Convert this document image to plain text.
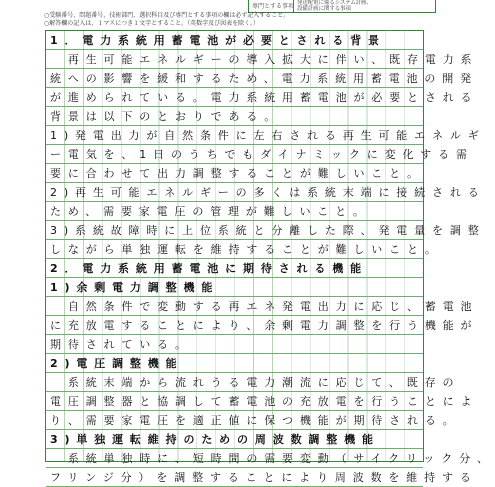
専門とする事項 発送配電に係るシステム計画、
設備計画に関する事項
○受験番号、問題番号、技術部門、選択科目及び専門とする事項の欄は必ず記入すること。
○解答欄の記入は、１マスにつき１文字とすること。（英数字及び図表を除く。）
1．電力系統用蓄電池が必要とされる背景
　再生可能エネルギーの導入拡大に伴い、既存電力系
統への影響を緩和するため、電力系統用蓄電池の開発
が進められている。電力系統用蓄電池が必要とされる
背景は以下のとおりである。
1)発電出力が自然条件に左右される再生可能エネルギ
ー電気を、1日のうちでもダイナミックに変化する需
要に合わせて出力調整することが難しいこと。
2)再生可能エネルギーの多くは系統末端に接続される
ため、需要家電圧の管理が難しいこと。
3)系統故障時に上位系統と分離した際、発電量を調整
しながら単独運転を維持することが難しいこと。
2．電力系統用蓄電池に期待される機能
1)余剰電力調整機能
　自然条件で変動する再エネ発電出力に応じ、蓄電池
に充放電することにより、余剰電力調整を行う機能が
期待されている。
2)電圧調整機能
　系統末端から流れうる電力潮流に応じて、既存の
電圧調整器と協調して蓄電池の充放電を行うことによ
り、需要家電圧を適正値に保つ機能が期待される。
3)単独運転維持のための周波数調整機能
　系統単独時に、短時間の需要変動（サイクリック分、
フリンジ分）を調整することにより周波数を維持する
